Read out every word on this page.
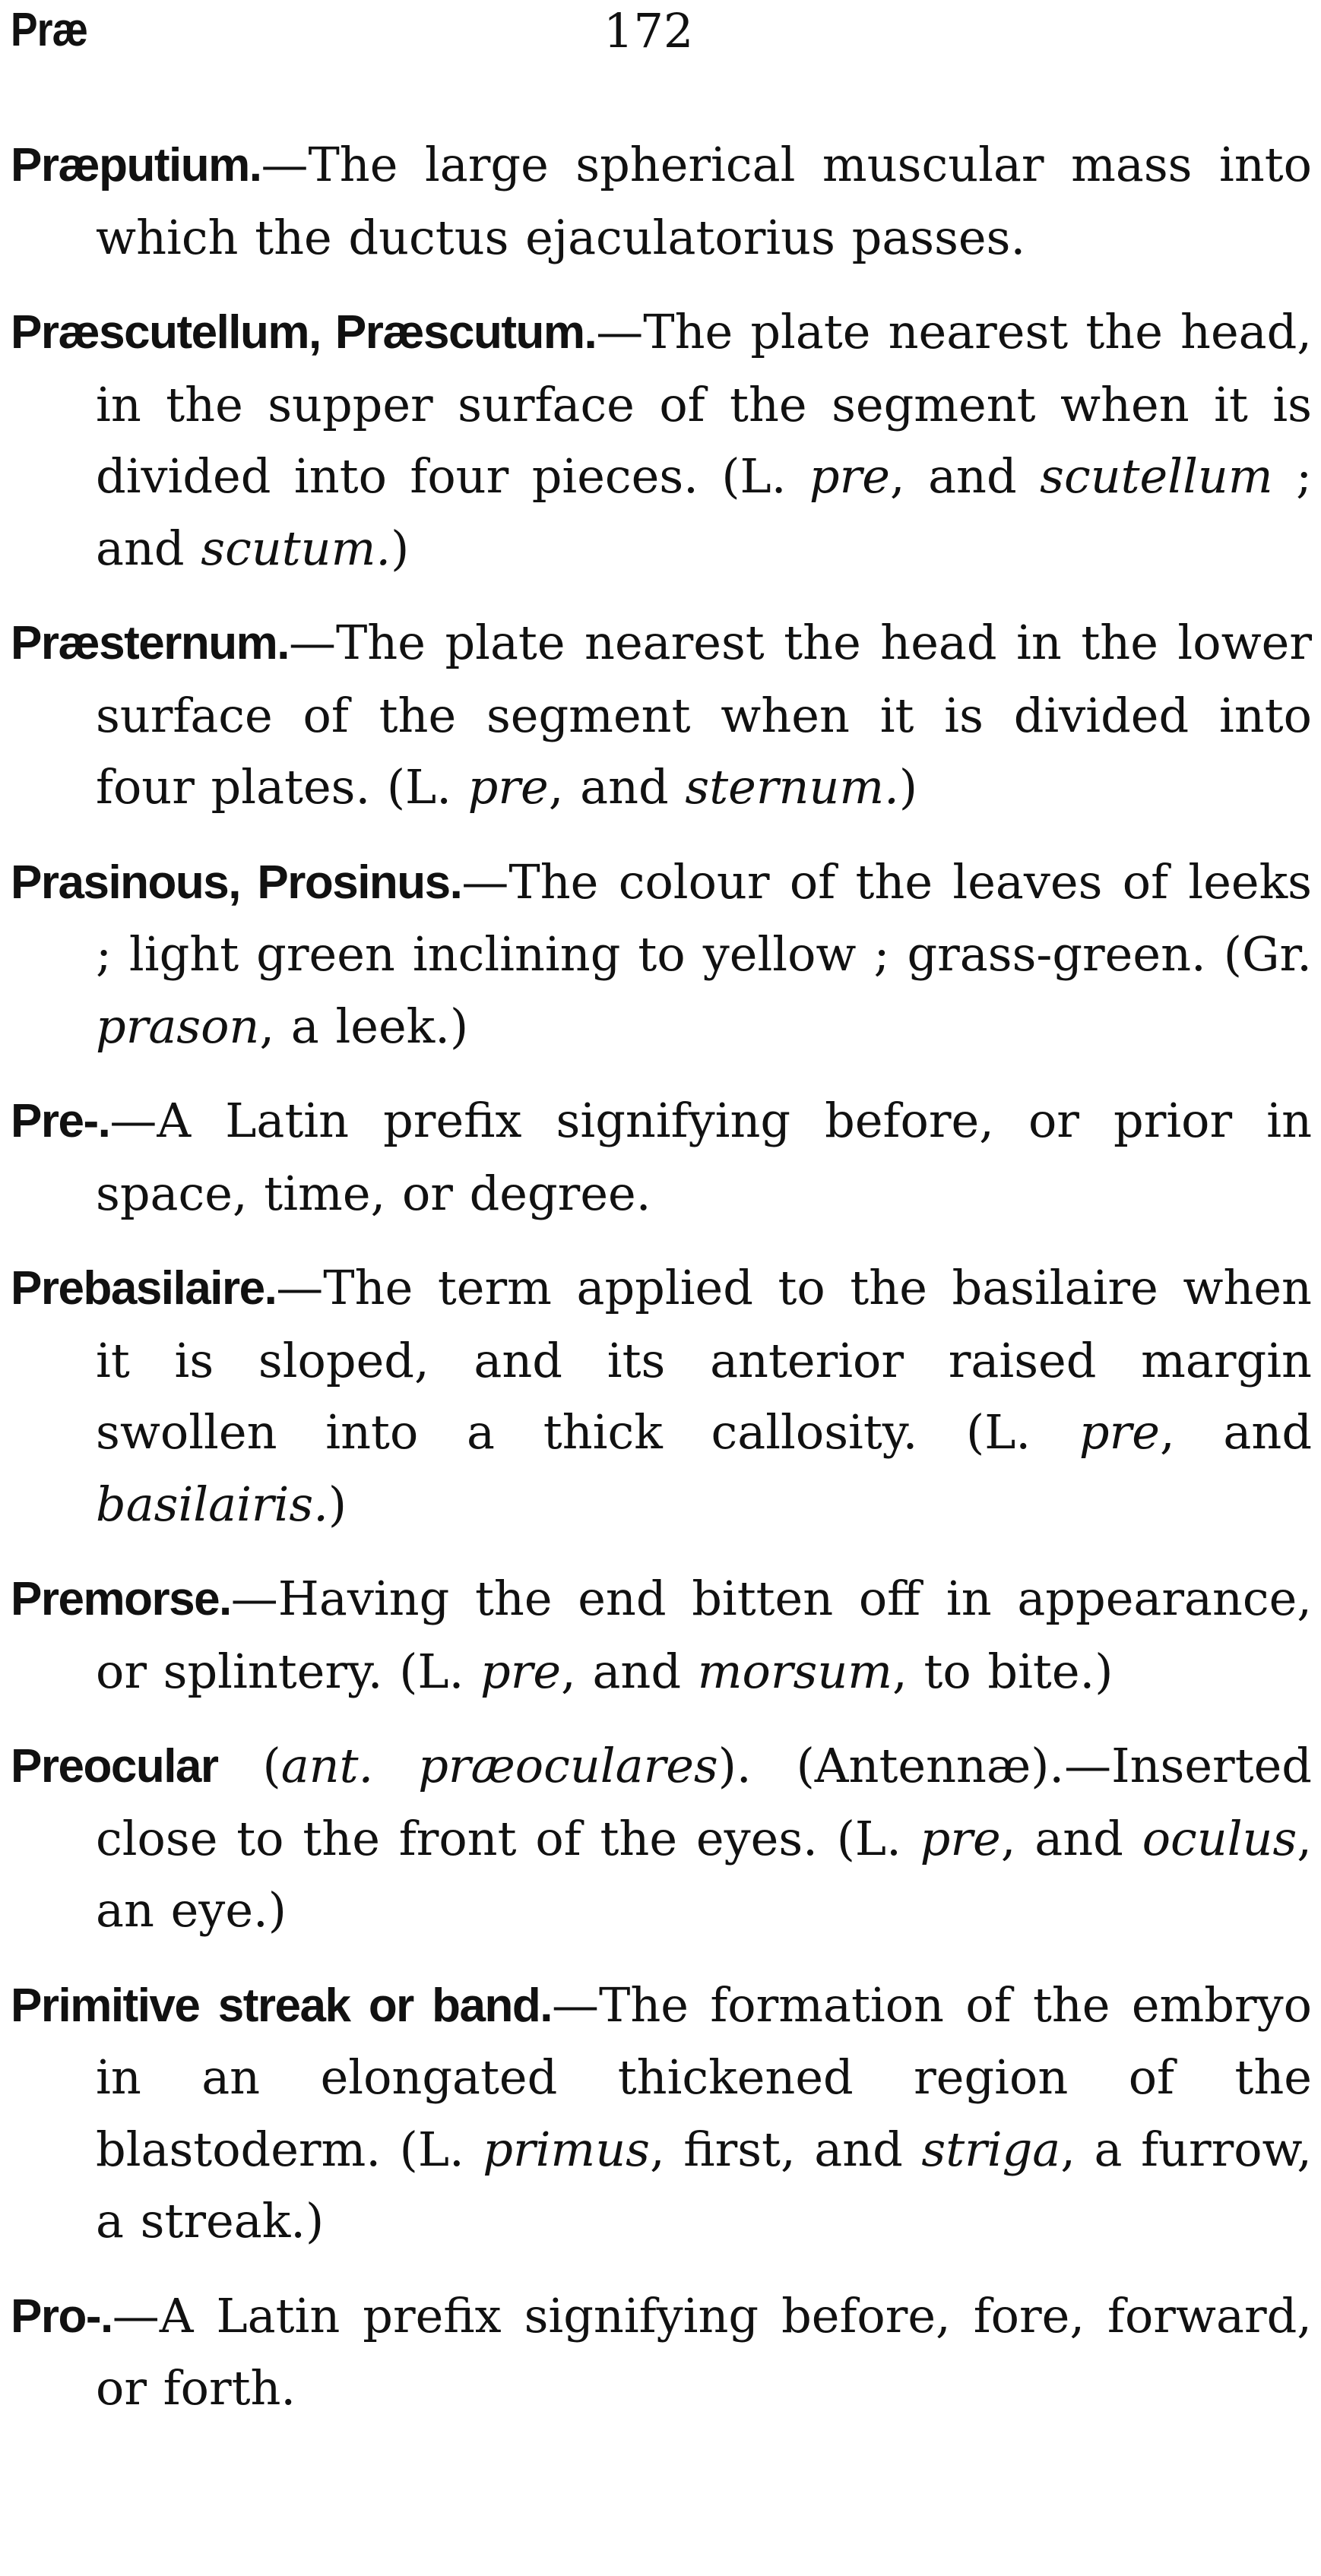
Præ	172

Præputium.—The large spherical muscular mass into which the ductus ejaculatorius passes.

Præscutellum, Præscutum.—The plate nearest the head, in the supper surface of the segment when it is divided into four pieces. (L. pre, and scutellum ; and scutum.)

Præsternum.—The plate nearest the head in the lower surface of the segment when it is divided into four plates. (L. pre, and sternum.)

Prasinous, Prosinus.—The colour of the leaves of leeks ; light green inclining to yellow ; grass-green. (Gr. prason, a leek.)

Pre-.—A Latin prefix signifying before, or prior in space, time, or degree.

Prebasilaire.—The term applied to the basilaire when it is sloped, and its anterior raised margin swollen into a thick callosity. (L. pre, and basilairis.)

Premorse.—Having the end bitten off in appearance, or splintery. (L. pre, and morsum, to bite.)

Preocular (ant. præoculares). (Antennæ).—Inserted close to the front of the eyes. (L. pre, and oculus, an eye.)

Primitive streak or band.—The formation of the embryo in an elongated thickened region of the blastoderm. (L. primus, first, and striga, a furrow, a streak.)

Pro-.—A Latin prefix signifying before, fore, forward, or forth.
